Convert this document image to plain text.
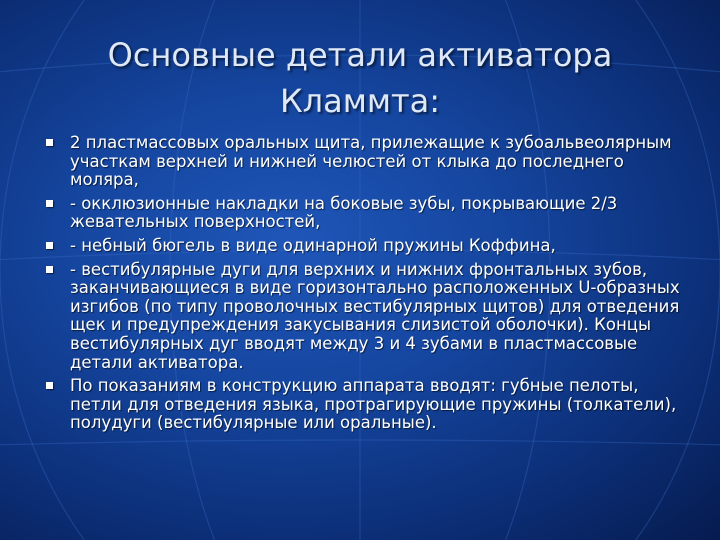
Основные детали активатора
Кламмта:
2 пластмассовых оральных щита, прилежащие к зубоальвеолярным участкам верхней и нижней челюстей от клыка до последнего моляра,
- окклюзионные накладки на боковые зубы, покрывающие 2/3 жевательных поверхностей,
- небный бюгель в виде одинарной пружины Коффина,
- вестибулярные дуги для верхних и нижних фронтальных зубов, заканчивающиеся в виде горизонтально расположенных U-образных изгибов (по типу проволочных вестибулярных щитов) для отведения щек и предупреждения закусывания слизистой оболочки). Концы вестибулярных дуг вводят между 3 и 4 зубами в пластмассовые детали активатора.
По показаниям в конструкцию аппарата вводят: губные пелоты, петли для отведения языка, протрагирующие пружины (толкатели), полудуги (вестибулярные или оральные).
